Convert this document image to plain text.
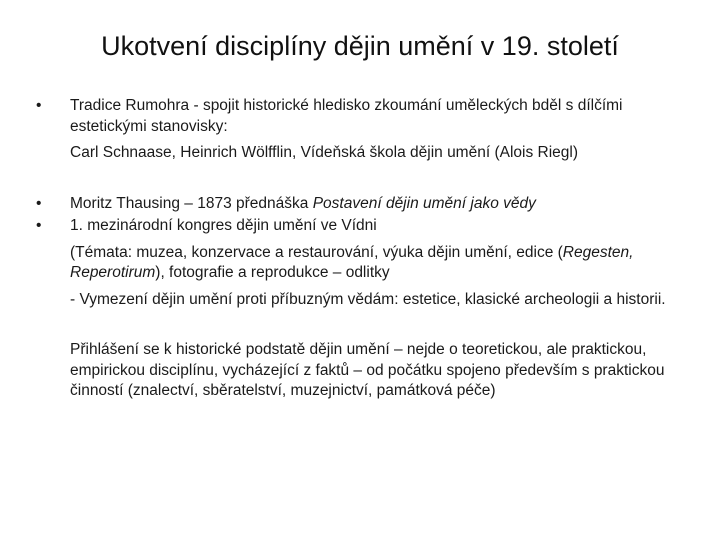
Ukotvení disciplíny dějin umění v 19. století
•	Tradice Rumohra - spojit historické hledisko zkoumání uměleckých bděl s dílčími estetickými stanovisky:
Carl Schnaase, Heinrich Wölfflin, Vídeňská škola dějin umění (Alois Riegl)
•	Moritz Thausing – 1873 přednáška Postavení dějin umění jako vědy
•	1. mezinárodní kongres dějin umění ve Vídni
(Témata: muzea, konzervace a restaurování, výuka dějin umění, edice (Regesten, Reperotirum), fotografie a reprodukce – odlitky
- Vymezení dějin umění proti příbuzným vědám: estetice, klasické archeologii a historii.
Přihlášení se k historické podstatě dějin umění – nejde o teoretickou, ale praktickou, empirickou disciplínu, vycházející z faktů – od počátku spojeno především s praktickou činností (znalectví, sběratelství, muzejnictví, památková péče)
